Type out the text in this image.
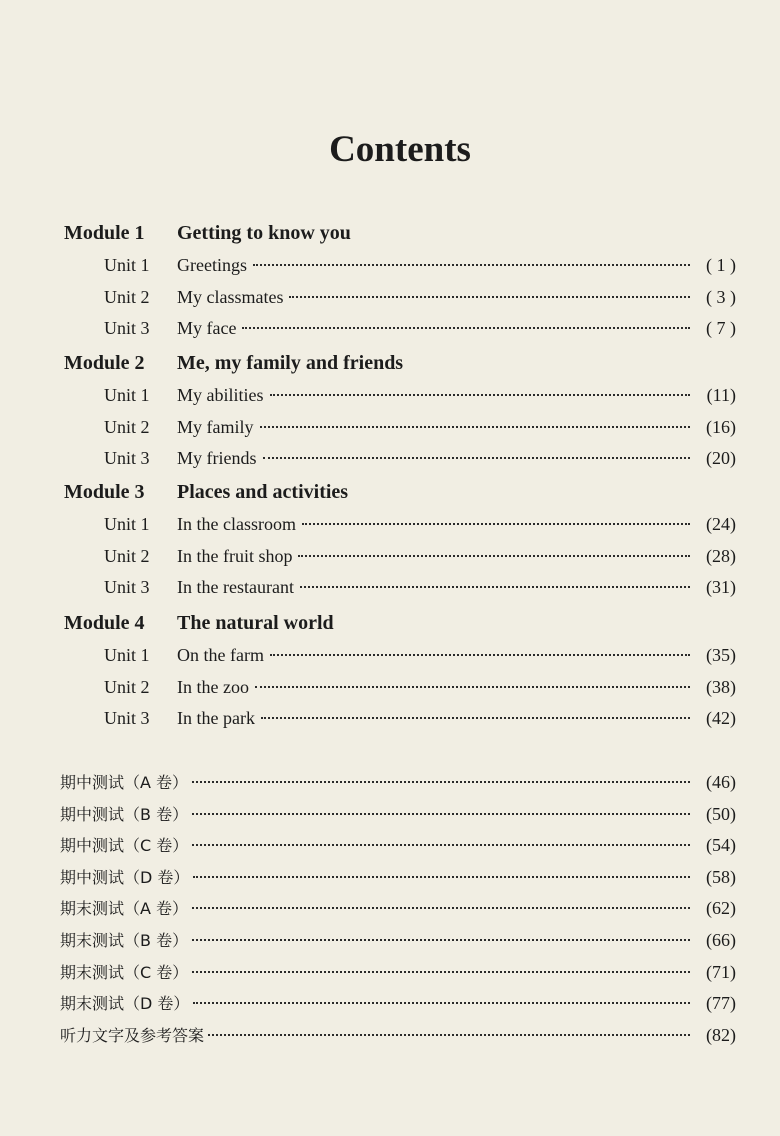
Contents
Module 1 Getting to know you
Unit 1	Greetings	( 1 )
Unit 2	My classmates	( 3 )
Unit 3	My face	( 7 )
Module 2 Me, my family and friends
Unit 1	My abilities	(11)
Unit 2	My family	(16)
Unit 3	My friends	(20)
Module 3 Places and activities
Unit 1	In the classroom	(24)
Unit 2	In the fruit shop	(28)
Unit 3	In the restaurant	(31)
Module 4 The natural world
Unit 1	On the farm	(35)
Unit 2	In the zoo	(38)
Unit 3	In the park	(42)
期中测试（A 卷）	(46)
期中测试（B 卷）	(50)
期中测试（C 卷）	(54)
期中测试（D 卷）	(58)
期末测试（A 卷）	(62)
期末测试（B 卷）	(66)
期末测试（C 卷）	(71)
期末测试（D 卷）	(77)
听力文字及参考答案	(82)
